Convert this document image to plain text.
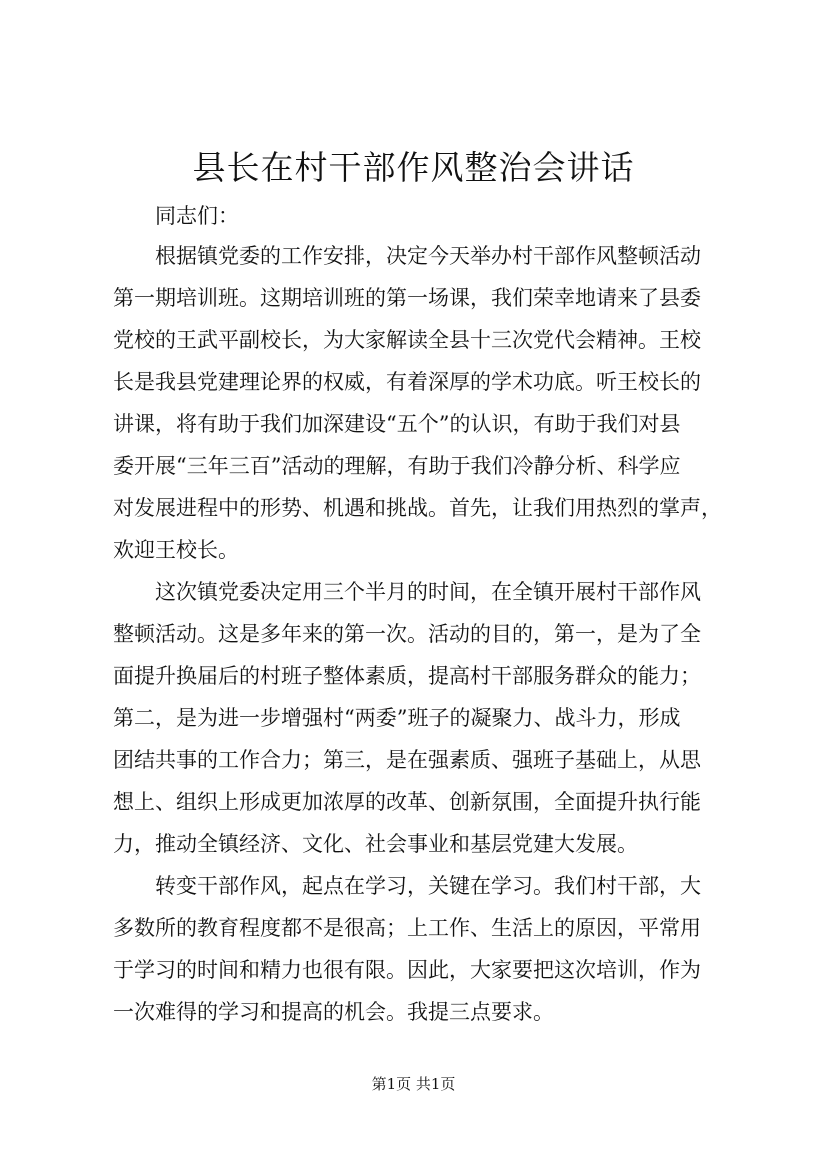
县长在村干部作风整治会讲话

同志们：

根据镇党委的工作安排，决定今天举办村干部作风整顿活动

第一期培训班。这期培训班的第一场课，我们荣幸地请来了县委

党校的王武平副校长，为大家解读全县十三次党代会精神。王校

长是我县党建理论界的权威，有着深厚的学术功底。听王校长的

讲课，将有助于我们加深建设“五个”的认识，有助于我们对县

委开展“三年三百”活动的理解，有助于我们冷静分析、科学应

对发展进程中的形势、机遇和挑战。首先，让我们用热烈的掌声，

欢迎王校长。

这次镇党委决定用三个半月的时间，在全镇开展村干部作风

整顿活动。这是多年来的第一次。活动的目的，第一，是为了全

面提升换届后的村班子整体素质，提高村干部服务群众的能力；

第二，是为进一步增强村“两委”班子的凝聚力、战斗力，形成

团结共事的工作合力；第三，是在强素质、强班子基础上，从思

想上、组织上形成更加浓厚的改革、创新氛围，全面提升执行能

力，推动全镇经济、文化、社会事业和基层党建大发展。

转变干部作风，起点在学习，关键在学习。我们村干部，大

多数所的教育程度都不是很高；上工作、生活上的原因，平常用

于学习的时间和精力也很有限。因此，大家要把这次培训，作为

一次难得的学习和提高的机会。我提三点要求。

第1页 共1页
